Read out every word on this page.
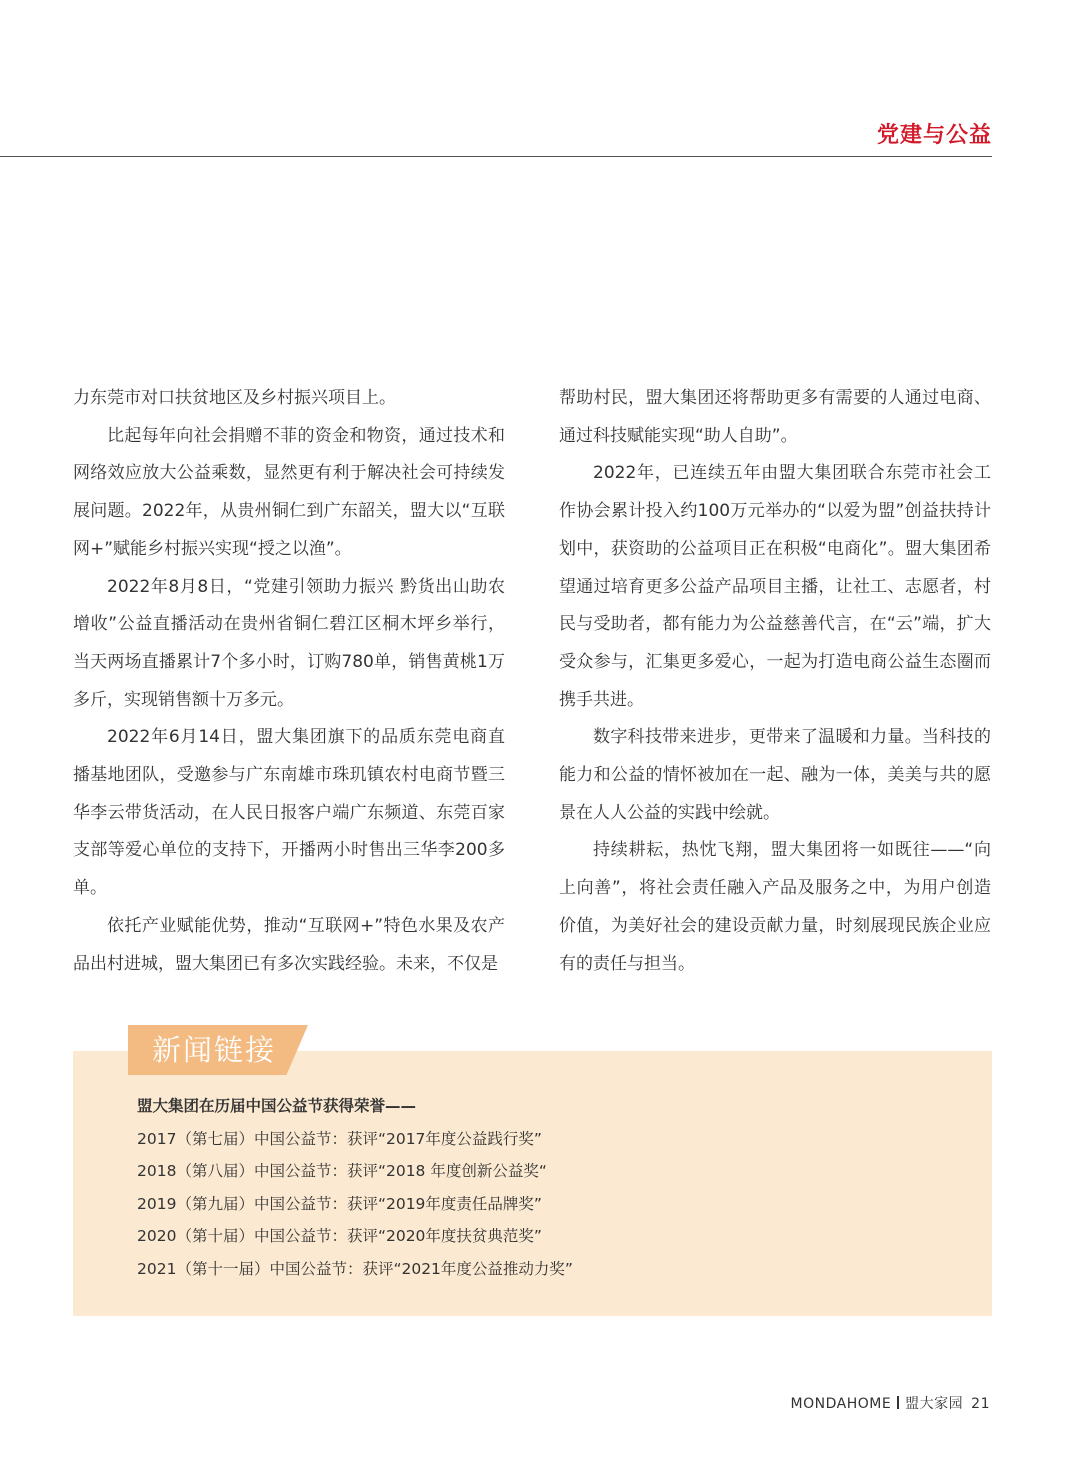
党建与公益

力东莞市对口扶贫地区及乡村振兴项目上。

比起每年向社会捐赠不菲的资金和物资，通过技术和网络效应放大公益乘数，显然更有利于解决社会可持续发展问题。2022年，从贵州铜仁到广东韶关，盟大以“互联网+”赋能乡村振兴实现“授之以渔”。

2022年8月8日，“党建引领助力振兴 黔货出山助农增收”公益直播活动在贵州省铜仁碧江区桐木坪乡举行，当天两场直播累计7个多小时，订购780单，销售黄桃1万多斤，实现销售额十万多元。

2022年6月14日，盟大集团旗下的品质东莞电商直播基地团队，受邀参与广东南雄市珠玑镇农村电商节暨三华李云带货活动，在人民日报客户端广东频道、东莞百家支部等爱心单位的支持下，开播两小时售出三华李200多单。

依托产业赋能优势，推动“互联网+”特色水果及农产品出村进城，盟大集团已有多次实践经验。未来，不仅是

帮助村民，盟大集团还将帮助更多有需要的人通过电商、通过科技赋能实现“助人自助”。

2022年，已连续五年由盟大集团联合东莞市社会工作协会累计投入约100万元举办的“以爱为盟”创益扶持计划中，获资助的公益项目正在积极“电商化”。盟大集团希望通过培育更多公益产品项目主播，让社工、志愿者，村民与受助者，都有能力为公益慈善代言，在“云”端，扩大受众参与，汇集更多爱心，一起为打造电商公益生态圈而携手共进。

数字科技带来进步，更带来了温暖和力量。当科技的能力和公益的情怀被加在一起、融为一体，美美与共的愿景在人人公益的实践中绘就。

持续耕耘，热忱飞翔，盟大集团将一如既往——“向上向善”，将社会责任融入产品及服务之中，为用户创造价值，为美好社会的建设贡献力量，时刻展现民族企业应有的责任与担当。

新闻链接
盟大集团在历届中国公益节获得荣誉——
2017（第七届）中国公益节：获评“2017年度公益践行奖”
2018（第八届）中国公益节：获评“2018 年度创新公益奖“
2019（第九届）中国公益节：获评“2019年度责任品牌奖”
2020（第十届）中国公益节：获评“2020年度扶贫典范奖”
2021（第十一届）中国公益节：获评“2021年度公益推动力奖”
MONDAHOME 盟大家园 21
